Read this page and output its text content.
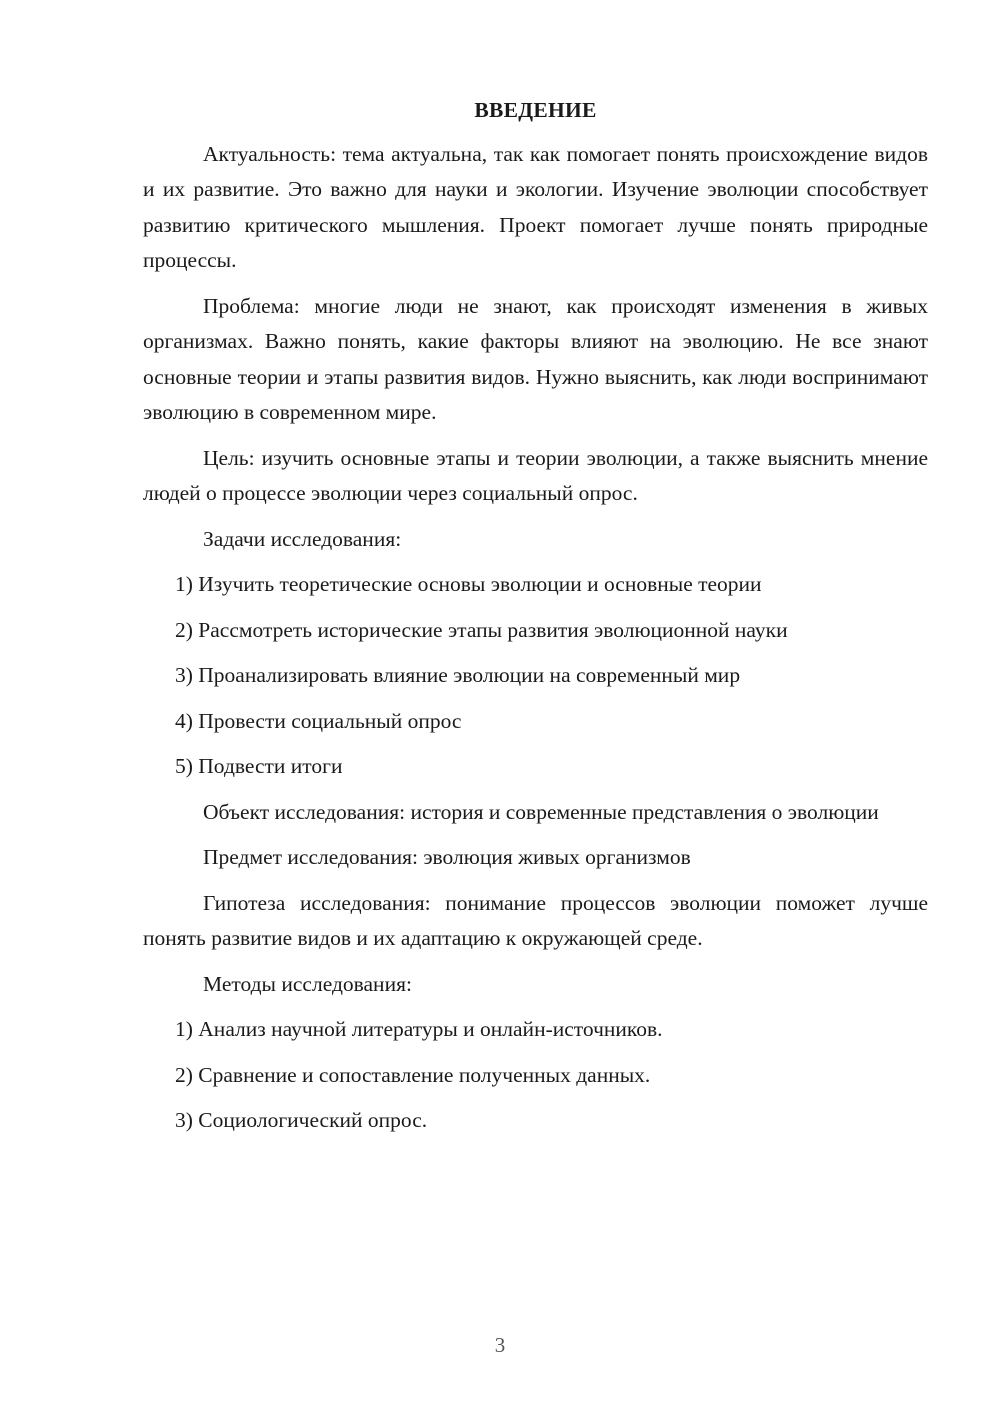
ВВЕДЕНИЕ

Актуальность: тема актуальна, так как помогает понять происхождение видов и их развитие. Это важно для науки и экологии. Изучение эволюции способствует развитию критического мышления. Проект помогает лучше понять природные процессы.

Проблема: многие люди не знают, как происходят изменения в живых организмах. Важно понять, какие факторы влияют на эволюцию. Не все знают основные теории и этапы развития видов. Нужно выяснить, как люди воспринимают эволюцию в современном мире.

Цель: изучить основные этапы и теории эволюции, а также выяснить мнение людей о процессе эволюции через социальный опрос.

Задачи исследования:

1) Изучить теоретические основы эволюции и основные теории
2) Рассмотреть исторические этапы развития эволюционной науки
3) Проанализировать влияние эволюции на современный мир
4) Провести социальный опрос
5) Подвести итоги

Объект исследования: история и современные представления о эволюции

Предмет исследования: эволюция живых организмов

Гипотеза исследования: понимание процессов эволюции поможет лучше понять развитие видов и их адаптацию к окружающей среде.

Методы исследования:

1) Анализ научной литературы и онлайн-источников.
2) Сравнение и сопоставление полученных данных.
3) Социологический опрос.
3
